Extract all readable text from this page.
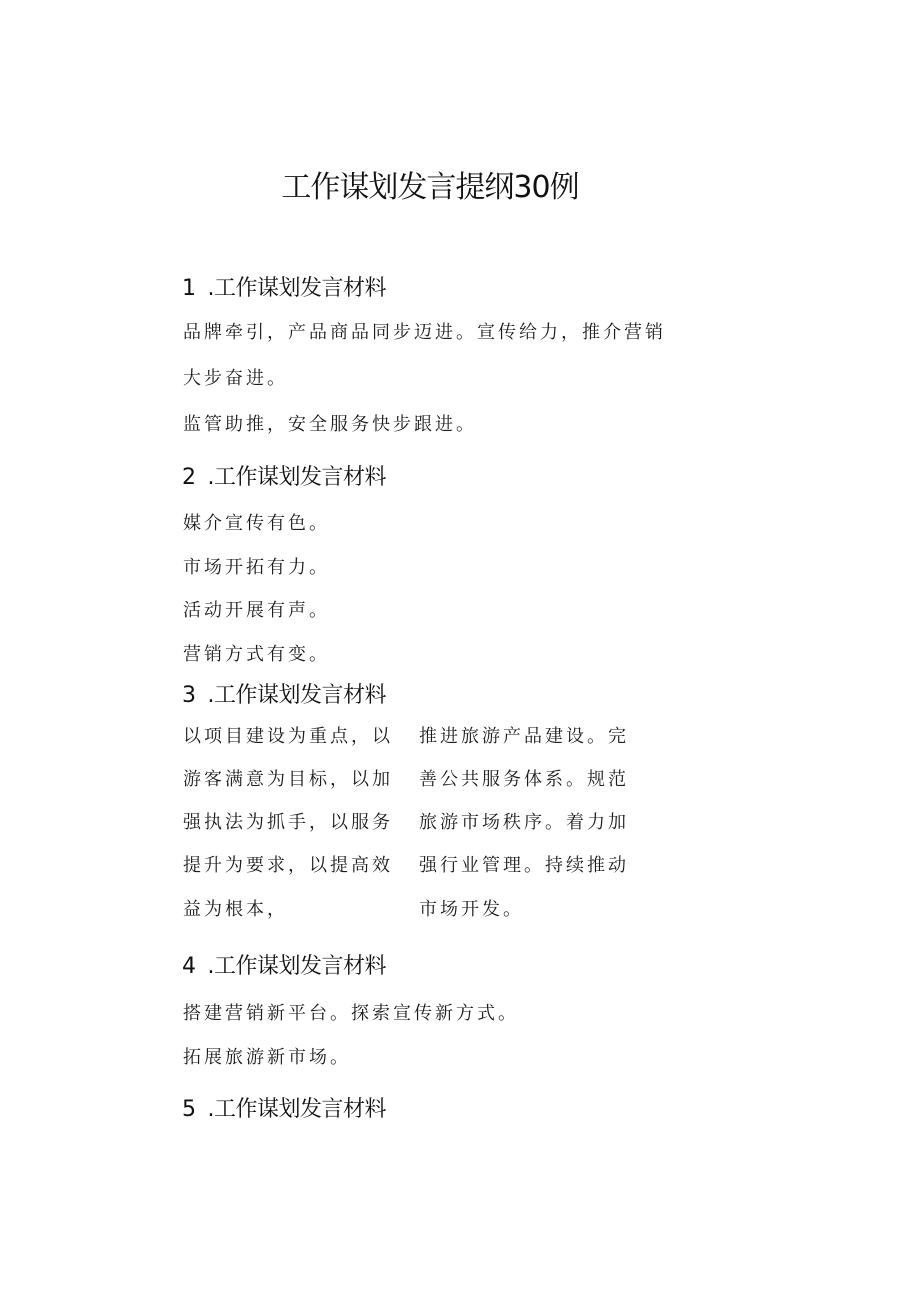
工作谋划发言提纲30例
1 .工作谋划发言材料
品牌牵引，产品商品同步迈进。宣传给力，推介营销
大步奋进。
监管助推，安全服务快步跟进。
2 .工作谋划发言材料
媒介宣传有色。
市场开拓有力。
活动开展有声。
营销方式有变。
3 .工作谋划发言材料
以项目建设为重点，以
游客满意为目标，以加
强执法为抓手，以服务
提升为要求，以提高效
益为根本，
推进旅游产品建设。完
善公共服务体系。规范
旅游市场秩序。着力加
强行业管理。持续推动
市场开发。
4 .工作谋划发言材料
搭建营销新平台。探索宣传新方式。
拓展旅游新市场。
5 .工作谋划发言材料
